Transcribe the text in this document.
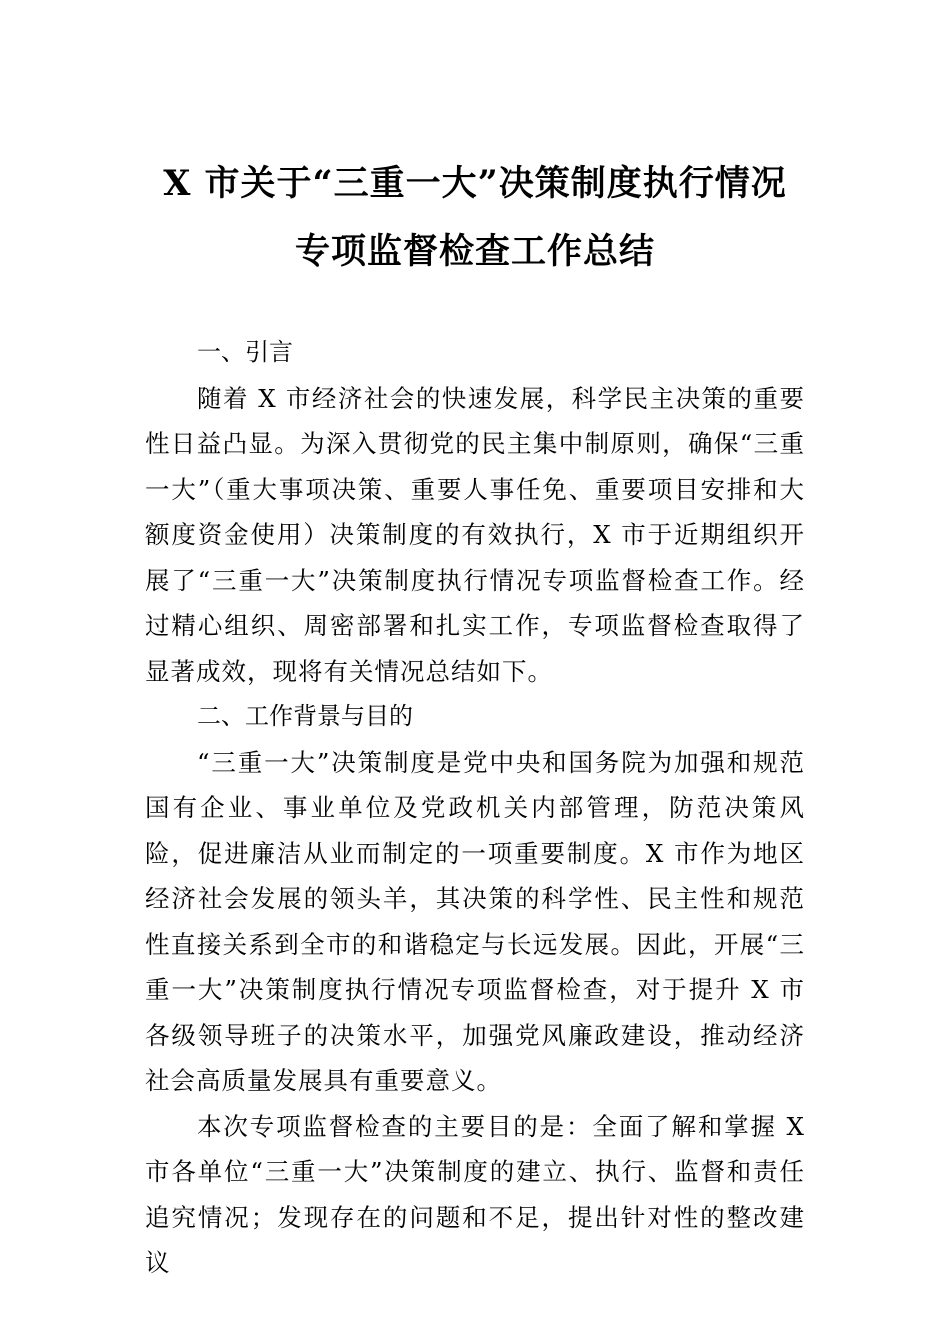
X 市关于“三重一大”决策制度执行情况
专项监督检查工作总结

一、引言

随着 X 市经济社会的快速发展，科学民主决策的重要性日益凸显。为深入贯彻党的民主集中制原则，确保“三重一大”（重大事项决策、重要人事任免、重要项目安排和大额度资金使用）决策制度的有效执行，X 市于近期组织开展了“三重一大”决策制度执行情况专项监督检查工作。经过精心组织、周密部署和扎实工作，专项监督检查取得了显著成效，现将有关情况总结如下。

二、工作背景与目的

“三重一大”决策制度是党中央和国务院为加强和规范国有企业、事业单位及党政机关内部管理，防范决策风险，促进廉洁从业而制定的一项重要制度。X 市作为地区经济社会发展的领头羊，其决策的科学性、民主性和规范性直接关系到全市的和谐稳定与长远发展。因此，开展“三重一大”决策制度执行情况专项监督检查，对于提升 X 市各级领导班子的决策水平，加强党风廉政建设，推动经济社会高质量发展具有重要意义。

本次专项监督检查的主要目的是：全面了解和掌握 X 市各单位“三重一大”决策制度的建立、执行、监督和责任追究情况；发现存在的问题和不足，提出针对性的整改建议
